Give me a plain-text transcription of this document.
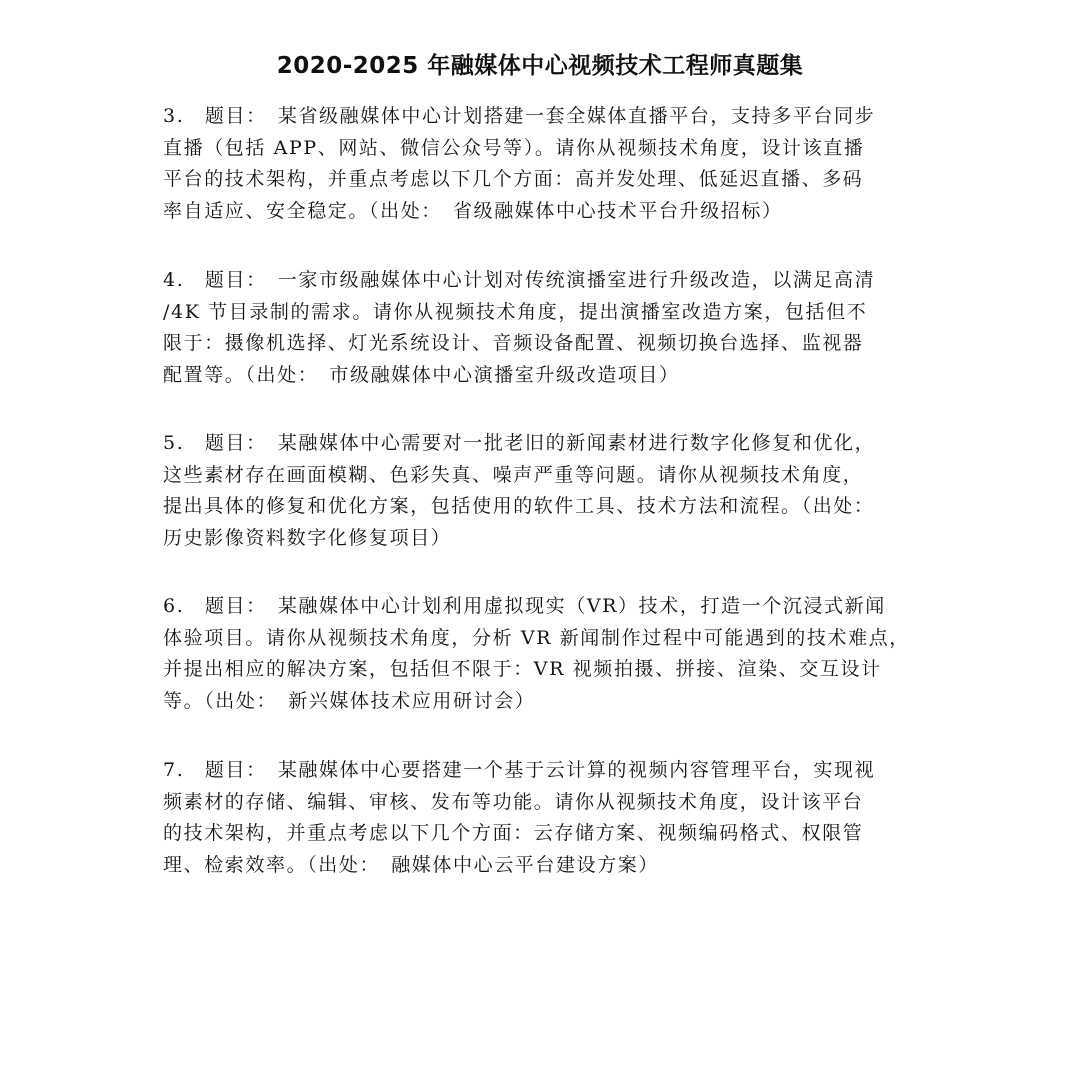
2020-2025 年融媒体中心视频技术工程师真题集
3.　题目：　某省级融媒体中心计划搭建一套全媒体直播平台，支持多平台同步
直播（包括 APP、网站、微信公众号等）。请你从视频技术角度，设计该直播
平台的技术架构，并重点考虑以下几个方面：高并发处理、低延迟直播、多码
率自适应、安全稳定。（出处：　省级融媒体中心技术平台升级招标）
4.　题目：　一家市级融媒体中心计划对传统演播室进行升级改造，以满足高清
/4K 节目录制的需求。请你从视频技术角度，提出演播室改造方案，包括但不
限于：摄像机选择、灯光系统设计、音频设备配置、视频切换台选择、监视器
配置等。（出处：　市级融媒体中心演播室升级改造项目）
5.　题目：　某融媒体中心需要对一批老旧的新闻素材进行数字化修复和优化，
这些素材存在画面模糊、色彩失真、噪声严重等问题。请你从视频技术角度，
提出具体的修复和优化方案，包括使用的软件工具、技术方法和流程。（出处：
历史影像资料数字化修复项目）
6.　题目：　某融媒体中心计划利用虚拟现实（VR）技术，打造一个沉浸式新闻
体验项目。请你从视频技术角度，分析 VR 新闻制作过程中可能遇到的技术难点，
并提出相应的解决方案，包括但不限于：VR 视频拍摄、拼接、渲染、交互设计
等。（出处：　新兴媒体技术应用研讨会）
7.　题目：　某融媒体中心要搭建一个基于云计算的视频内容管理平台，实现视
频素材的存储、编辑、审核、发布等功能。请你从视频技术角度，设计该平台
的技术架构，并重点考虑以下几个方面：云存储方案、视频编码格式、权限管
理、检索效率。（出处：　融媒体中心云平台建设方案）
